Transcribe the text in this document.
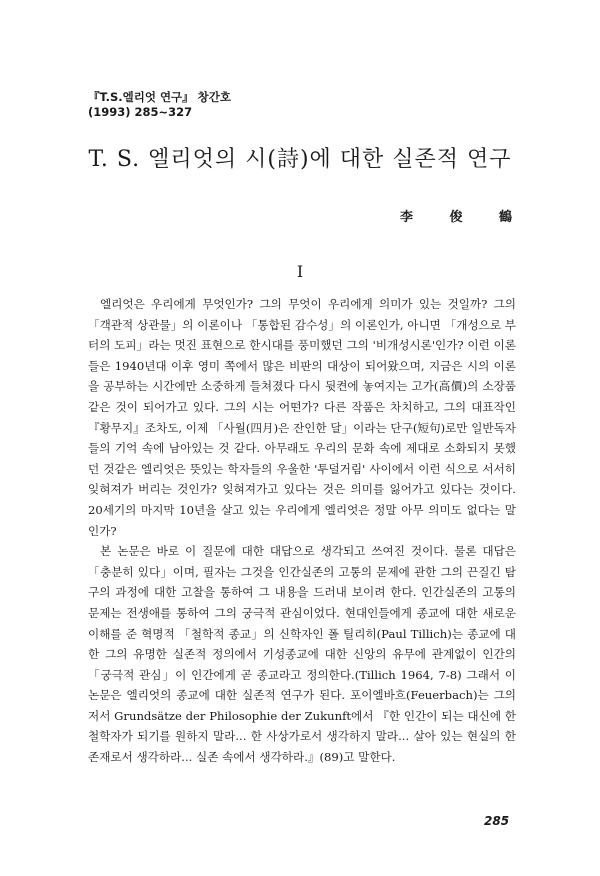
『T.S.엘리엇 연구』 창간호
(1993) 285~327
T. S. 엘리엇의 시(詩)에 대한 실존적 연구
李	俊	鶴
I

엘리엇은 우리에게 무엇인가? 그의 무엇이 우리에게 의미가 있는 것일까? 그의 「객관적 상관물」의 이론이나 「통합된 감수성」의 이론인가, 아니면 「개성으로 부터의 도피」라는 멋진 표현으로 한시대를 풍미했던 그의 '비개성시론'인가? 이런 이론들은 1940년대 이후 영미 쪽에서 많은 비판의 대상이 되어왔으며, 지금은 시의 이론을 공부하는 시간에만 소중하게 들쳐졌다 다시 뒷켠에 놓여지는 고가(高價)의 소장품 같은 것이 되어가고 있다. 그의 시는 어떤가? 다른 작품은 차치하고, 그의 대표작인 『황무지』조차도, 이제 「사월(四月)은 잔인한 달」이라는 단구(短句)로만 일반독자들의 기억 속에 남아있는 것 같다. 아무래도 우리의 문화 속에 제대로 소화되지 못했던 것같은 엘리엇은 뜻있는 학자들의 우울한 '투덜거림' 사이에서 이런 식으로 서서히 잊혀져가 버리는 것인가? 잊혀져가고 있다는 것은 의미를 잃어가고 있다는 것이다. 20세기의 마지막 10년을 살고 있는 우리에게 엘리엇은 정말 아무 의미도 없다는 말인가?

본 논문은 바로 이 질문에 대한 대답으로 생각되고 쓰여진 것이다. 물론 대답은 「충분히 있다」이며, 필자는 그것을 인간실존의 고통의 문제에 관한 그의 끈질긴 탐구의 과정에 대한 고찰을 통하여 그 내용을 드러내 보이려 한다. 인간실존의 고통의 문제는 전생애를 통하여 그의 궁극적 관심이었다. 현대인들에게 종교에 대한 새로운 이해를 준 혁명적 「철학적 종교」의 신학자인 폴 틸리히(Paul Tillich)는 종교에 대한 그의 유명한 실존적 정의에서 기성종교에 대한 신앙의 유무에 관계없이 인간의 「궁극적 관심」이 인간에게 곧 종교라고 정의한다.(Tillich 1964, 7-8) 그래서 이 논문은 엘리엇의 종교에 대한 실존적 연구가 된다. 포이엘바흐(Feuerbach)는 그의 저서 Grundsätze der Philosophie der Zukunft에서 『한 인간이 되는 대신에 한 철학자가 되기를 원하지 말라... 한 사상가로서 생각하지 말라... 살아 있는 현실의 한 존재로서 생각하라... 실존 속에서 생각하라.』(89)고 말한다.

285
